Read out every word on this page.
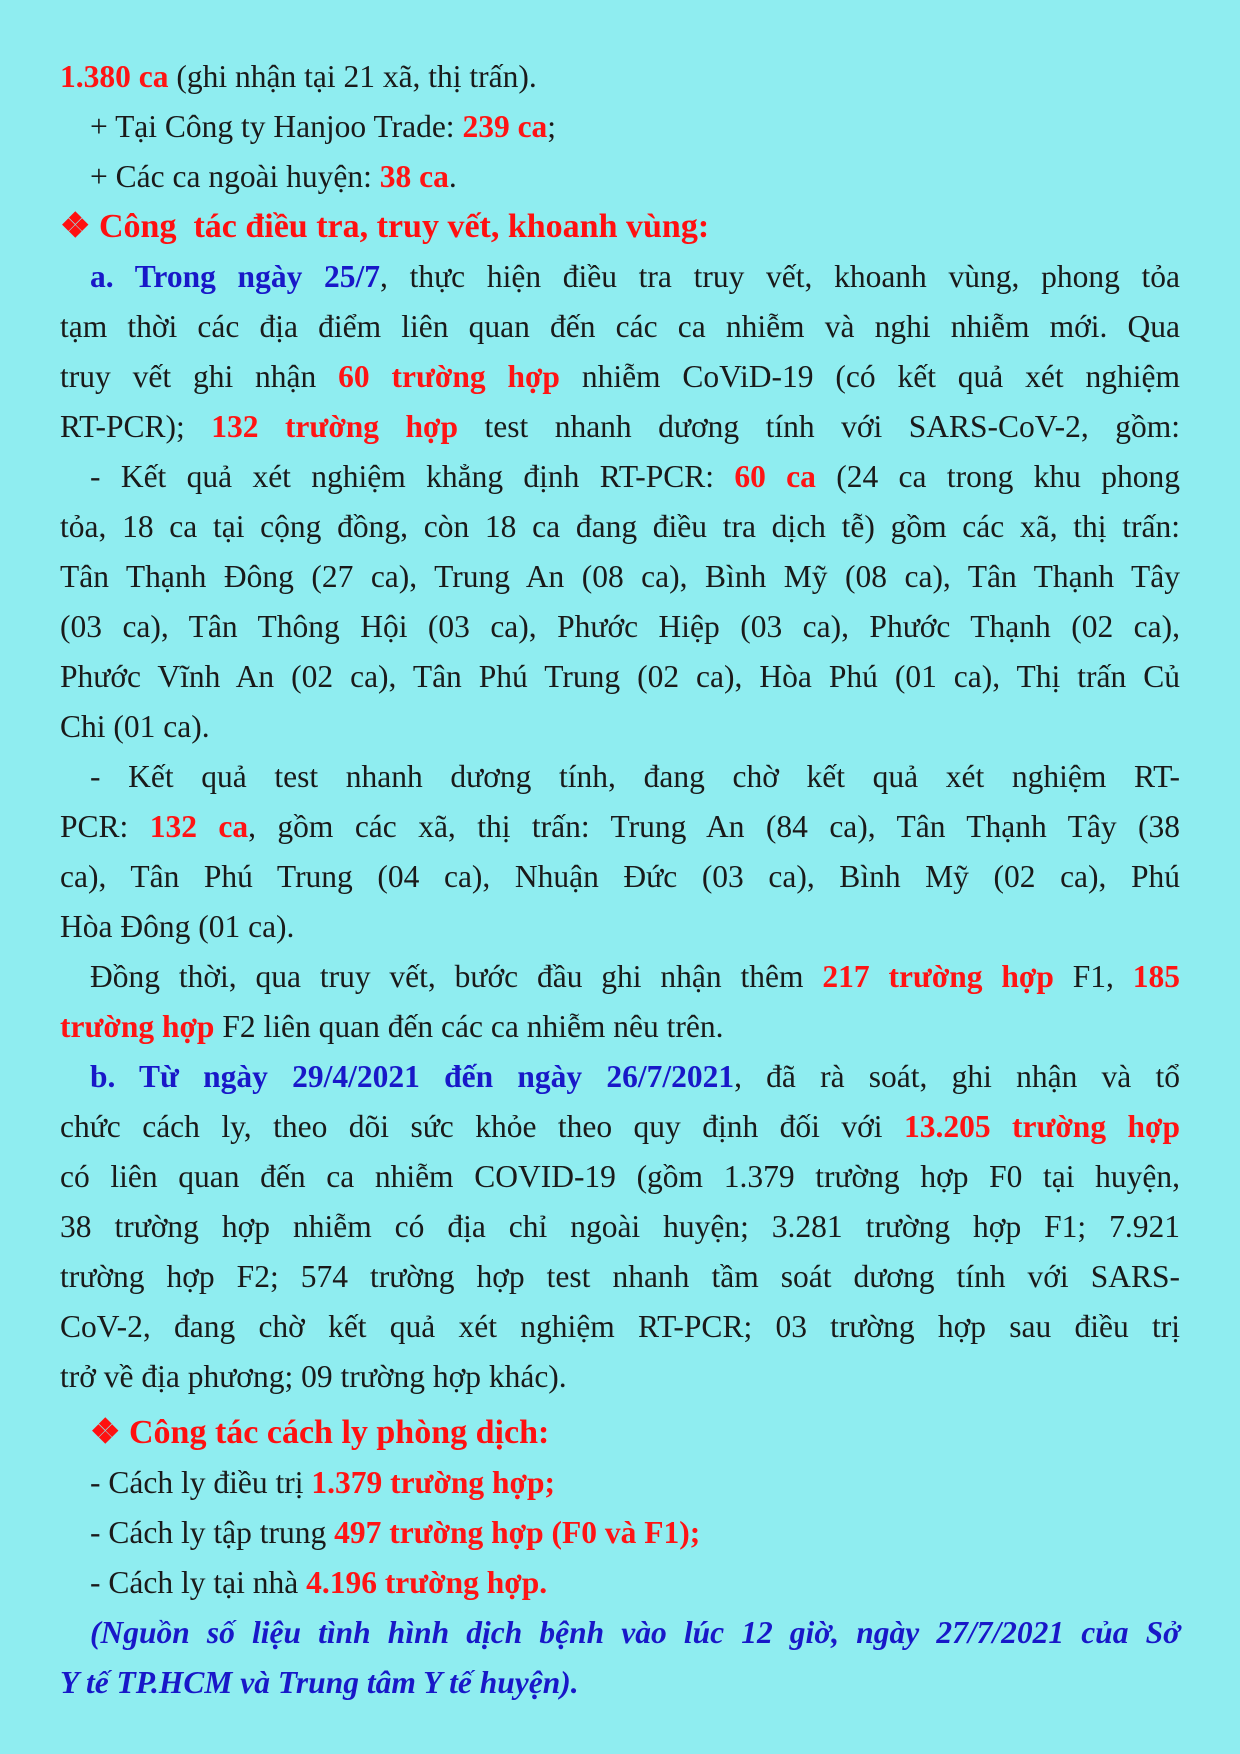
1.380 ca (ghi nhận tại 21 xã, thị trấn).
+ Tại Công ty Hanjoo Trade: 239 ca;
+ Các ca ngoài huyện: 38 ca.
❖ Công  tác điều tra, truy vết, khoanh vùng:
a. Trong ngày 25/7, thực hiện điều tra truy vết, khoanh vùng, phong tỏa
tạm thời các địa điểm liên quan đến các ca nhiễm và nghi nhiễm mới. Qua
truy vết ghi nhận 60 trường hợp nhiễm CoViD-19 (có kết quả xét nghiệm
RT-PCR); 132 trường hợp test nhanh dương tính với SARS-CoV-2, gồm:
- Kết quả xét nghiệm khẳng định RT-PCR: 60 ca (24 ca trong khu phong
tỏa, 18 ca tại cộng đồng, còn 18 ca đang điều tra dịch tễ) gồm các xã, thị trấn:
Tân Thạnh Đông (27 ca), Trung An (08 ca), Bình Mỹ (08 ca), Tân Thạnh Tây
(03 ca), Tân Thông Hội (03 ca), Phước Hiệp (03 ca), Phước Thạnh (02 ca),
Phước Vĩnh An (02 ca), Tân Phú Trung (02 ca), Hòa Phú (01 ca), Thị trấn Củ
Chi (01 ca).
- Kết quả test nhanh dương tính, đang chờ kết quả xét nghiệm RT-
PCR: 132 ca, gồm các xã, thị trấn: Trung An (84 ca), Tân Thạnh Tây (38
ca), Tân Phú Trung (04 ca), Nhuận Đức (03 ca), Bình Mỹ (02 ca), Phú
Hòa Đông (01 ca).
Đồng thời, qua truy vết, bước đầu ghi nhận thêm 217 trường hợp F1, 185
trường hợp F2 liên quan đến các ca nhiễm nêu trên.
b. Từ ngày 29/4/2021 đến ngày 26/7/2021, đã rà soát, ghi nhận và tổ
chức cách ly, theo dõi sức khỏe theo quy định đối với 13.205 trường hợp
có liên quan đến ca nhiễm COVID-19 (gồm 1.379 trường hợp F0 tại huyện,
38 trường hợp nhiễm có địa chỉ ngoài huyện; 3.281 trường hợp F1; 7.921
trường hợp F2; 574 trường hợp test nhanh tầm soát dương tính với SARS-
CoV-2, đang chờ kết quả xét nghiệm RT-PCR; 03 trường hợp sau điều trị
trở về địa phương; 09 trường hợp khác).
❖ Công tác cách ly phòng dịch:
- Cách ly điều trị 1.379 trường hợp;
- Cách ly tập trung 497 trường hợp (F0 và F1);
- Cách ly tại nhà 4.196 trường hợp.
(Nguồn số liệu tình hình dịch bệnh vào lúc 12 giờ, ngày 27/7/2021 của Sở
Y tế TP.HCM và Trung tâm Y tế huyện).
